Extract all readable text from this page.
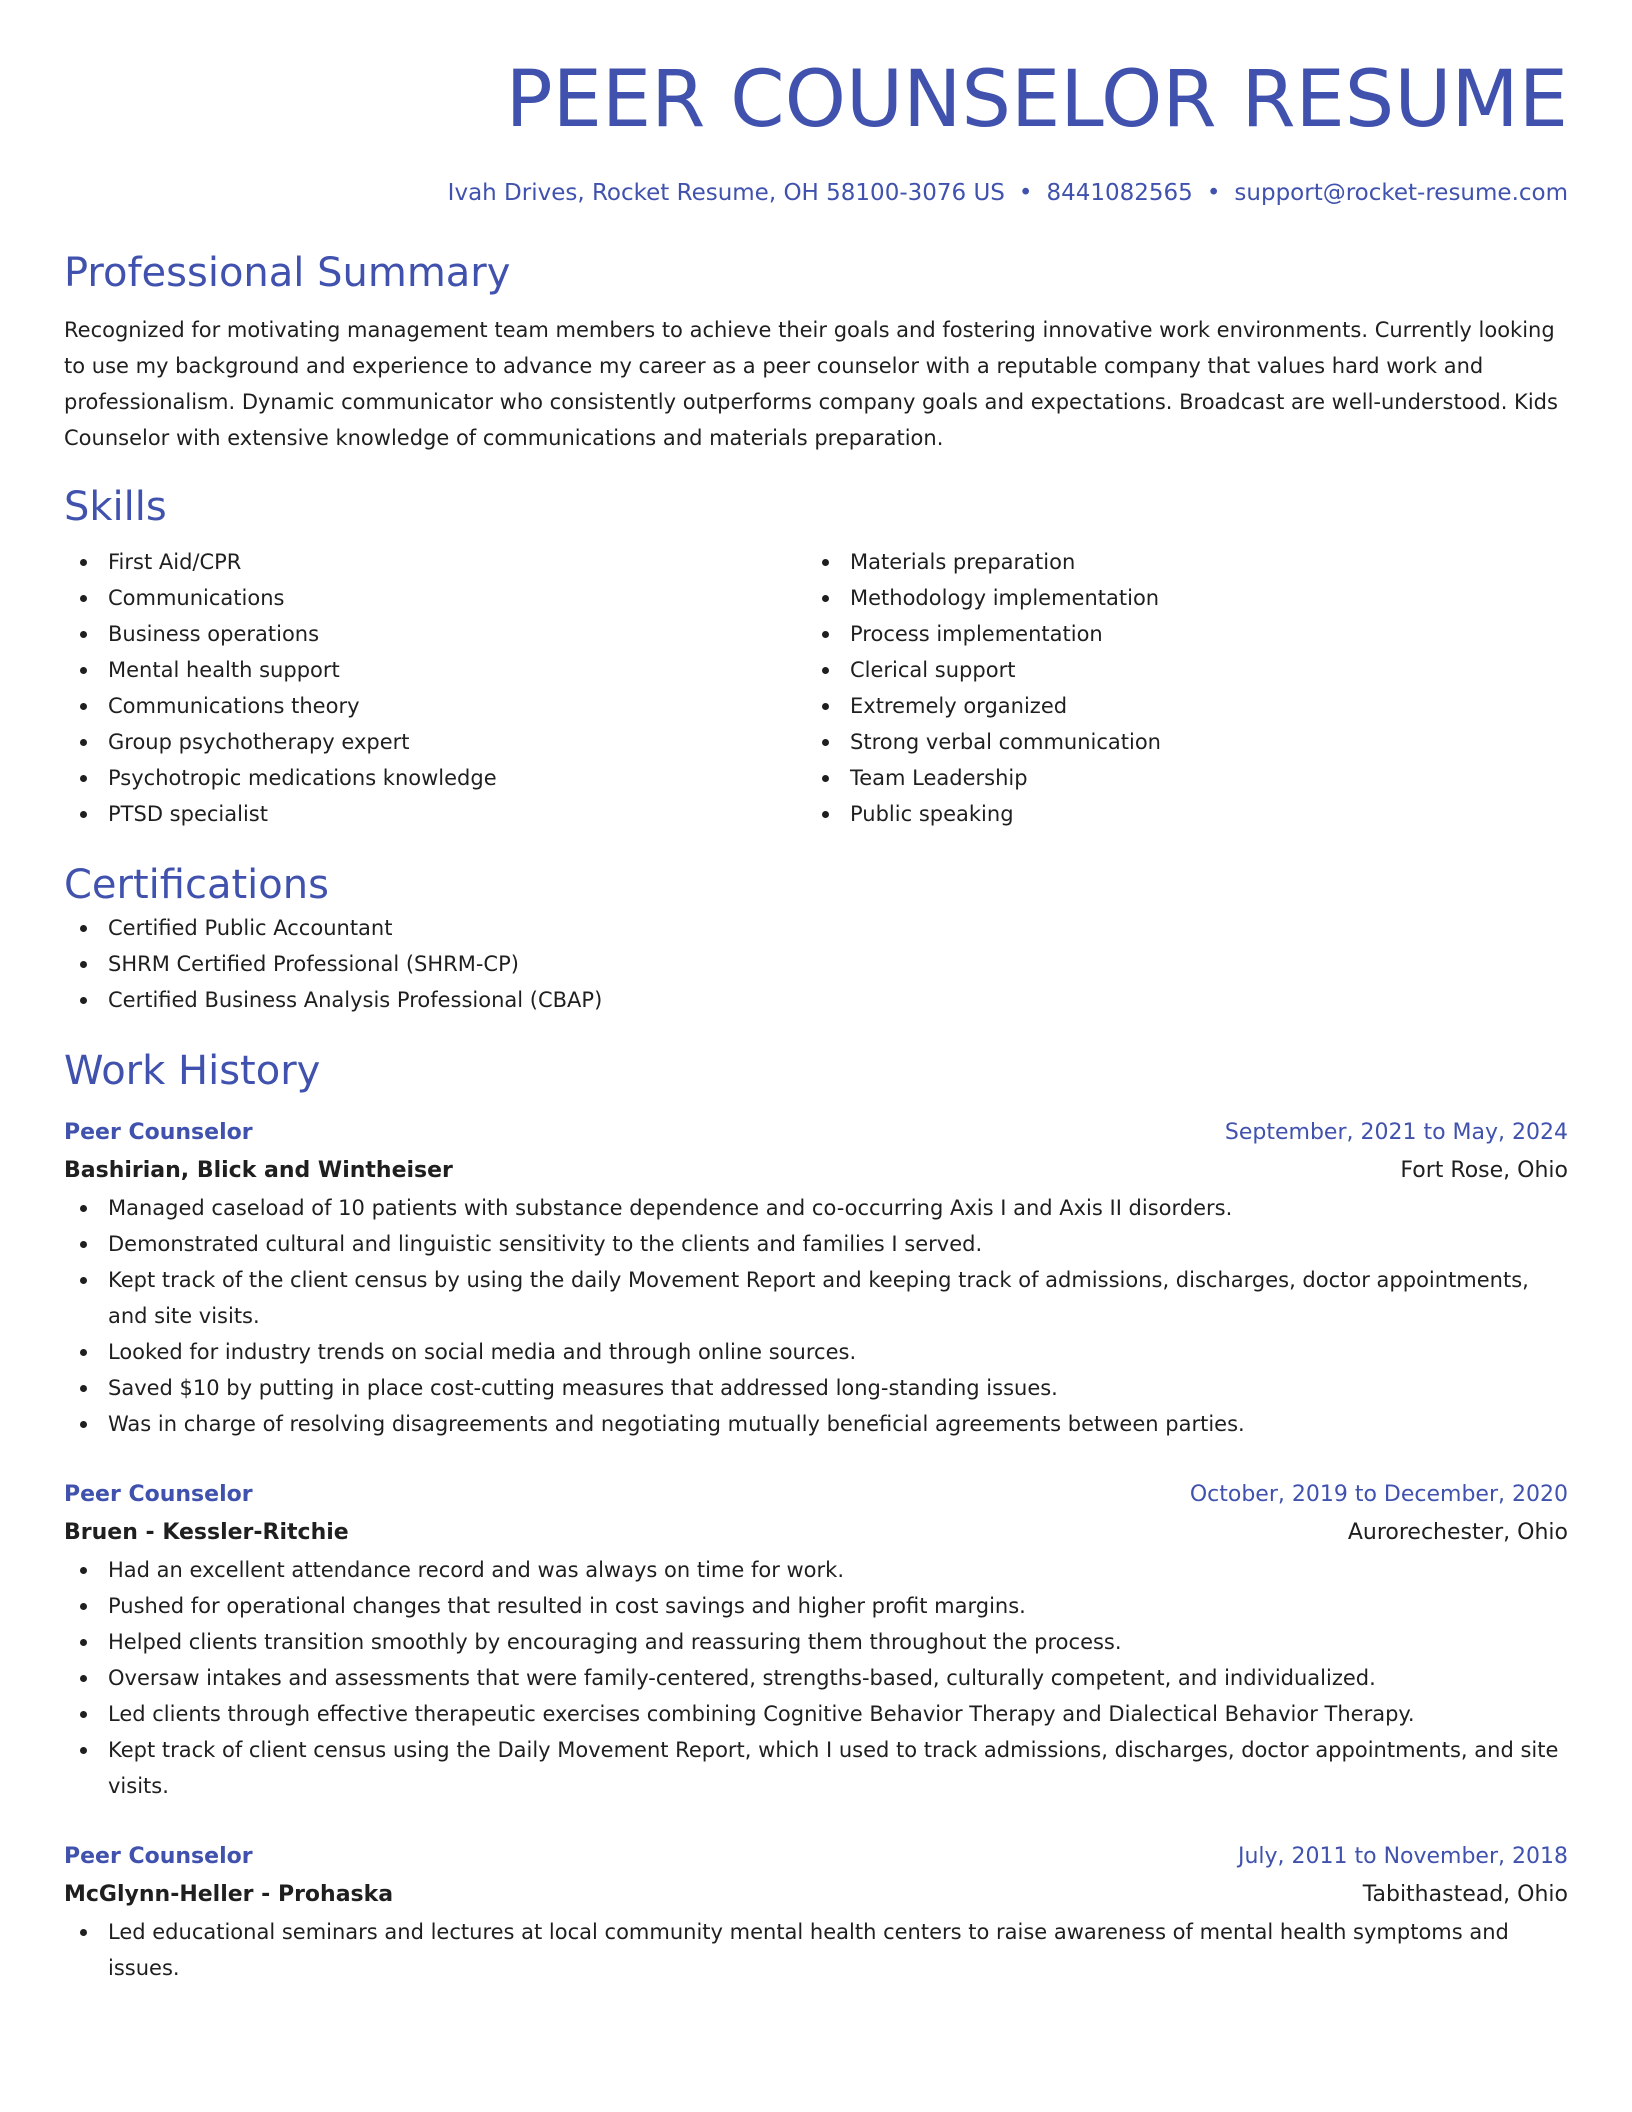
PEER COUNSELOR RESUME
Ivah Drives, Rocket Resume, OH 58100-3076 US • 8441082565 • support@rocket-resume.com
Professional Summary
Recognized for motivating management team members to achieve their goals and fostering innovative work environments. Currently looking to use my background and experience to advance my career as a peer counselor with a reputable company that values hard work and professionalism. Dynamic communicator who consistently outperforms company goals and expectations. Broadcast are well-understood. Kids Counselor with extensive knowledge of communications and materials preparation.
Skills
First Aid/CPR
Communications
Business operations
Mental health support
Communications theory
Group psychotherapy expert
Psychotropic medications knowledge
PTSD specialist
Materials preparation
Methodology implementation
Process implementation
Clerical support
Extremely organized
Strong verbal communication
Team Leadership
Public speaking
Certifications
Certified Public Accountant
SHRM Certified Professional (SHRM-CP)
Certified Business Analysis Professional (CBAP)
Work History
Peer Counselor	September, 2021 to May, 2024
Bashirian, Blick and Wintheiser	Fort Rose, Ohio
Managed caseload of 10 patients with substance dependence and co-occurring Axis I and Axis II disorders.
Demonstrated cultural and linguistic sensitivity to the clients and families I served.
Kept track of the client census by using the daily Movement Report and keeping track of admissions, discharges, doctor appointments, and site visits.
Looked for industry trends on social media and through online sources.
Saved $10 by putting in place cost-cutting measures that addressed long-standing issues.
Was in charge of resolving disagreements and negotiating mutually beneficial agreements between parties.
Peer Counselor	October, 2019 to December, 2020
Bruen - Kessler-Ritchie	Aurorechester, Ohio
Had an excellent attendance record and was always on time for work.
Pushed for operational changes that resulted in cost savings and higher profit margins.
Helped clients transition smoothly by encouraging and reassuring them throughout the process.
Oversaw intakes and assessments that were family-centered, strengths-based, culturally competent, and individualized.
Led clients through effective therapeutic exercises combining Cognitive Behavior Therapy and Dialectical Behavior Therapy.
Kept track of client census using the Daily Movement Report, which I used to track admissions, discharges, doctor appointments, and site visits.
Peer Counselor	July, 2011 to November, 2018
McGlynn-Heller - Prohaska	Tabithastead, Ohio
Led educational seminars and lectures at local community mental health centers to raise awareness of mental health symptoms and issues.
